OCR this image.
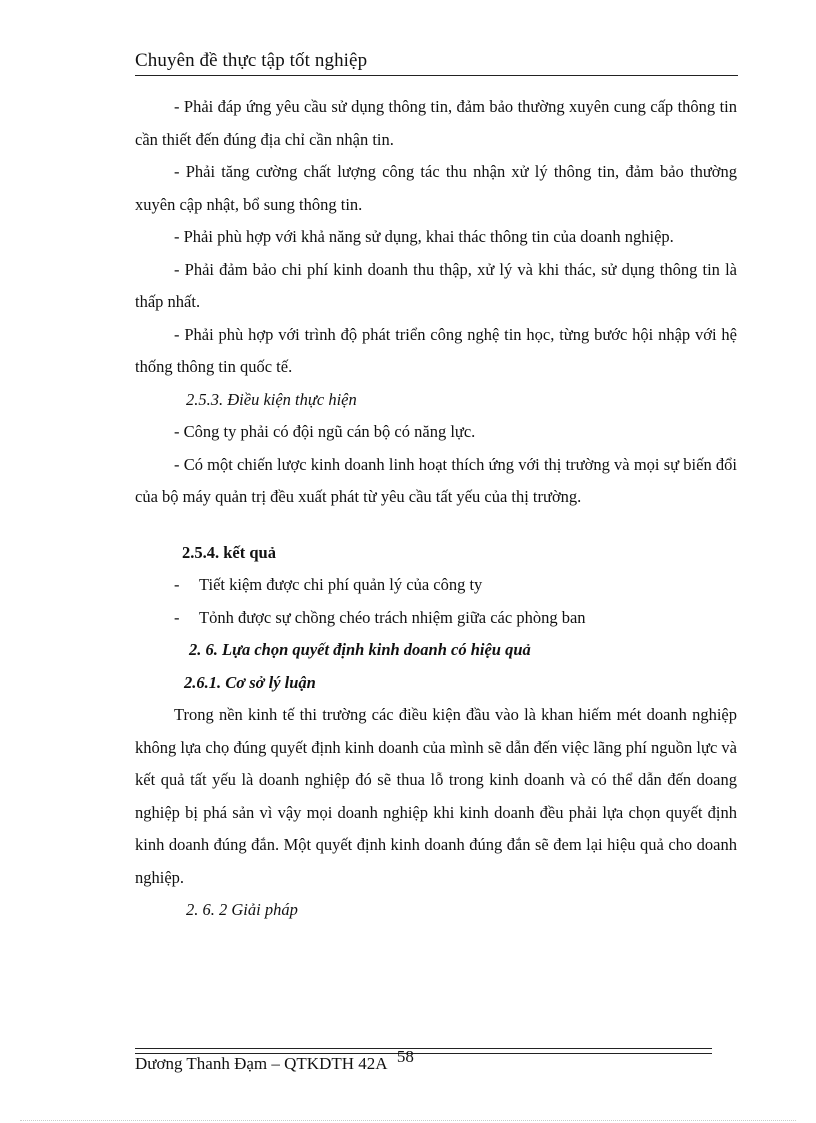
Chuyên đề thực tập tốt nghiệp

- Phải đáp ứng yêu cầu sử dụng thông tin, đảm bảo thường xuyên cung cấp thông tin cần thiết đến đúng địa chỉ cần nhận tin.

- Phải tăng cường chất lượng công tác thu nhận xử lý thông tin, đảm bảo thường xuyên cập nhật, bổ sung thông tin.

- Phải phù hợp với khả năng sử dụng, khai thác thông tin của doanh nghiệp.

- Phải đảm bảo chi phí kinh doanh thu thập, xử lý và khi thác, sử dụng thông tin là thấp nhất.

- Phải phù hợp với trình độ phát triển công nghệ tin học, từng bước hội nhập với hệ thống thông tin quốc tế.

2.5.3. Điều kiện thực hiện

- Công ty phải có đội ngũ cán bộ có năng lực.

- Có một chiến lược kinh doanh linh hoạt thích ứng với thị trường và mọi sự biến đổi của bộ máy quản trị đều xuất phát từ yêu cầu tất yếu của thị trường.

2.5.4. kết quả
-	Tiết kiệm được chi phí quản lý của công ty
-	Tỏnh được sự chồng chéo trách nhiệm giữa các phòng ban
2. 6. Lựa chọn quyết định kinh doanh có hiệu quả
2.6.1. Cơ sở lý luận

Trong nền kinh tế thi trường các điều kiện đầu vào là khan hiếm mét doanh nghiệp không lựa chọ đúng quyết định kinh doanh của mình sẽ dẫn đến việc lãng phí nguồn lực và kết quả tất yếu là doanh nghiệp đó sẽ thua lỗ trong kinh doanh và có thể dẫn đến doang nghiệp bị phá sản vì vậy mọi doanh nghiệp khi kinh doanh đều phải lựa chọn quyết định kinh doanh đúng đắn. Một quyết định kinh doanh đúng đắn sẽ đem lại hiệu quả cho doanh nghiệp.

2. 6. 2 Giải pháp
Dương Thanh Đạm – QTKDTH 42A 58
